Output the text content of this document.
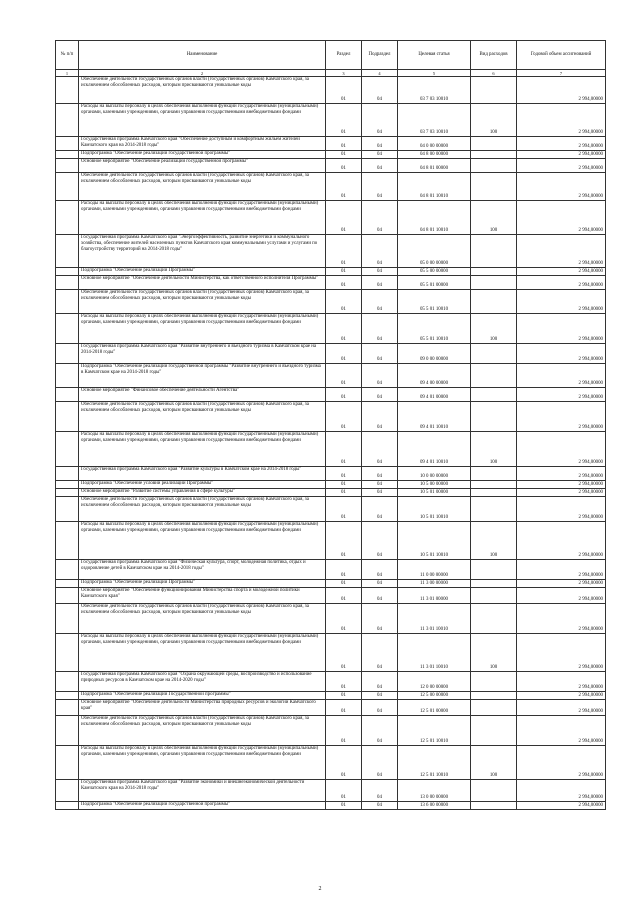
№ п/п	Наименование	Раздел	Подраздел	Целевая статья	Вид расходов	Годовой объем ассигнований
1	2	3	4	5	6	7
	Обеспечение деятельности государственных органов власти (государственных органов) Камчатского края, за исключением обособленных расходов, которым присваиваются уникальные коды	01	04	03 7 03 10010		2 994,00000
	Расходы на выплаты персоналу в целях обеспечения выполнения функций государственными (муниципальными) органами, казенными учреждениями, органами управления государственными внебюджетными фондами	01	04	03 7 03 10010	100	2 994,00000
	Государственная программа Камчатского края "Обеспечение доступным и комфортным жильем жителей Камчатского края на 2014-2018 годы"	01	04	04 0 00 00000		2 994,00000
	Подпрограмма "Обеспечение реализации государственной программы"	01	04	04 8 00 00000		2 994,00000
	Основное мероприятие "Обеспечение реализации государственной программы"	01	04	04 8 01 00000		2 994,00000
	Обеспечение деятельности государственных органов власти (государственных органов) Камчатского края, за исключением обособленных расходов, которым присваиваются уникальные коды	01	04	04 8 01 10010		2 994,00000
	Расходы на выплаты персоналу в целях обеспечения выполнения функций государственными (муниципальными) органами, казенными учреждениями, органами управления государственными внебюджетными фондами	01	04	04 8 01 10010	100	2 994,00000
	Государственная программа Камчатского края "Энергоэффективность, развитие энергетики и коммунального хозяйства, обеспечение жителей населенных пунктов Камчатского края коммунальными услугами и услугами по благоустройству территорий на 2014-2018 годы"	01	04	05 0 00 00000		2 994,00000
	Подпрограмма "Обеспечение реализации Программы"	01	04	05 5 00 00000		2 994,00000
	Основное мероприятие "Обеспечение деятельности Министерства, как ответственного исполнителя Программы"	01	04	05 5 01 00000		2 994,00000
	Обеспечение деятельности государственных органов власти (государственных органов) Камчатского края, за исключением обособленных расходов, которым присваиваются уникальные коды	01	04	05 5 01 10010		2 994,00000
	Расходы на выплаты персоналу в целях обеспечения выполнения функций государственными (муниципальными) органами, казенными учреждениями, органами управления государственными внебюджетными фондами	01	04	05 5 01 10010	100	2 994,00000
	Государственная программа Камчатского края "Развитие внутреннего и въездного туризма в Камчатском крае на 2014-2018 годы"	01	04	09 0 00 00000		2 994,00000
	Подпрограмма "Обеспечение реализации государственной программы "Развитие внутреннего и въездного туризма в Камчатском крае на 2014-2018 годы"	01	04	09 4 00 00000		2 994,00000
	Основное мероприятие "Финансовое обеспечение деятельности Агентства"	01	04	09 4 01 00000		2 994,00000
	Обеспечение деятельности государственных органов власти (государственных органов) Камчатского края, за исключением обособленных расходов, которым присваиваются уникальные коды	01	04	09 4 01 10010		2 994,00000
	Расходы на выплаты персоналу в целях обеспечения выполнения функций государственными (муниципальными) органами, казенными учреждениями, органами управления государственными внебюджетными фондами	01	04	09 4 01 10010	100	2 994,00000
	Государственная программа Камчатского края "Развитие культуры в Камчатском крае на 2014-2018 годы"	01	04	10 0 00 00000		2 994,00000
	Подпрограмма "Обеспечение условий реализации Программы"	01	04	10 5 00 00000		2 994,00000
	Основное мероприятие "Развитие системы управления в сфере культуры"	01	04	10 5 01 00000		2 994,00000
	Обеспечение деятельности государственных органов власти (государственных органов) Камчатского края, за исключением обособленных расходов, которым присваиваются уникальные коды	01	04	10 5 01 10010		2 994,00000
	Расходы на выплаты персоналу в целях обеспечения выполнения функций государственными (муниципальными) органами, казенными учреждениями, органами управления государственными внебюджетными фондами	01	04	10 5 01 10010	100	2 994,00000
	Государственная программа Камчатского края "Физическая культура, спорт, молодежная политика, отдых и оздоровление детей в Камчатском крае на 2014-2018 годы"	01	04	11 0 00 00000		2 994,00000
	Подпрограмма "Обеспечение реализации Программы"	01	04	11 3 00 00000		2 994,00000
	Основное мероприятие "Обеспечение функционирования Министерства спорта и молодежной политики Камчатского края"	01	04	11 3 01 00000		2 994,00000
	Обеспечение деятельности государственных органов власти (государственных органов) Камчатского края, за исключением обособленных расходов, которым присваиваются уникальные коды	01	04	11 3 01 10010		2 994,00000
	Расходы на выплаты персоналу в целях обеспечения выполнения функций государственными (муниципальными) органами, казенными учреждениями, органами управления государственными внебюджетными фондами	01	04	11 3 01 10010	100	2 994,00000
	Государственная программа Камчатского края "Охрана окружающей среды, воспроизводство и использование природных ресурсов в Камчатском крае на 2014-2020 годы"	01	04	12 0 00 00000		2 994,00000
	Подпрограмма "Обеспечение реализации Государственной программы"	01	04	12 5 00 00000		2 994,00000
	Основное мероприятие "Обеспечение деятельности Министерства природных ресурсов и экологии Камчатского края"	01	04	12 5 01 00000		2 994,00000
	Обеспечение деятельности государственных органов власти (государственных органов) Камчатского края, за исключением обособленных расходов, которым присваиваются уникальные коды	01	04	12 5 01 10010		2 994,00000
	Расходы на выплаты персоналу в целях обеспечения выполнения функций государственными (муниципальными) органами, казенными учреждениями, органами управления государственными внебюджетными фондами	01	04	12 5 01 10010	100	2 994,00000
	Государственная программа Камчатского края "Развитие экономики и внешнеэкономической деятельности Камчатского края на 2014-2018 годы"	01	04	13 0 00 00000		2 994,00000
	Подпрограмма "Обеспечение реализации государственной программы"	01	04	13 6 00 00000		2 994,00000
2
